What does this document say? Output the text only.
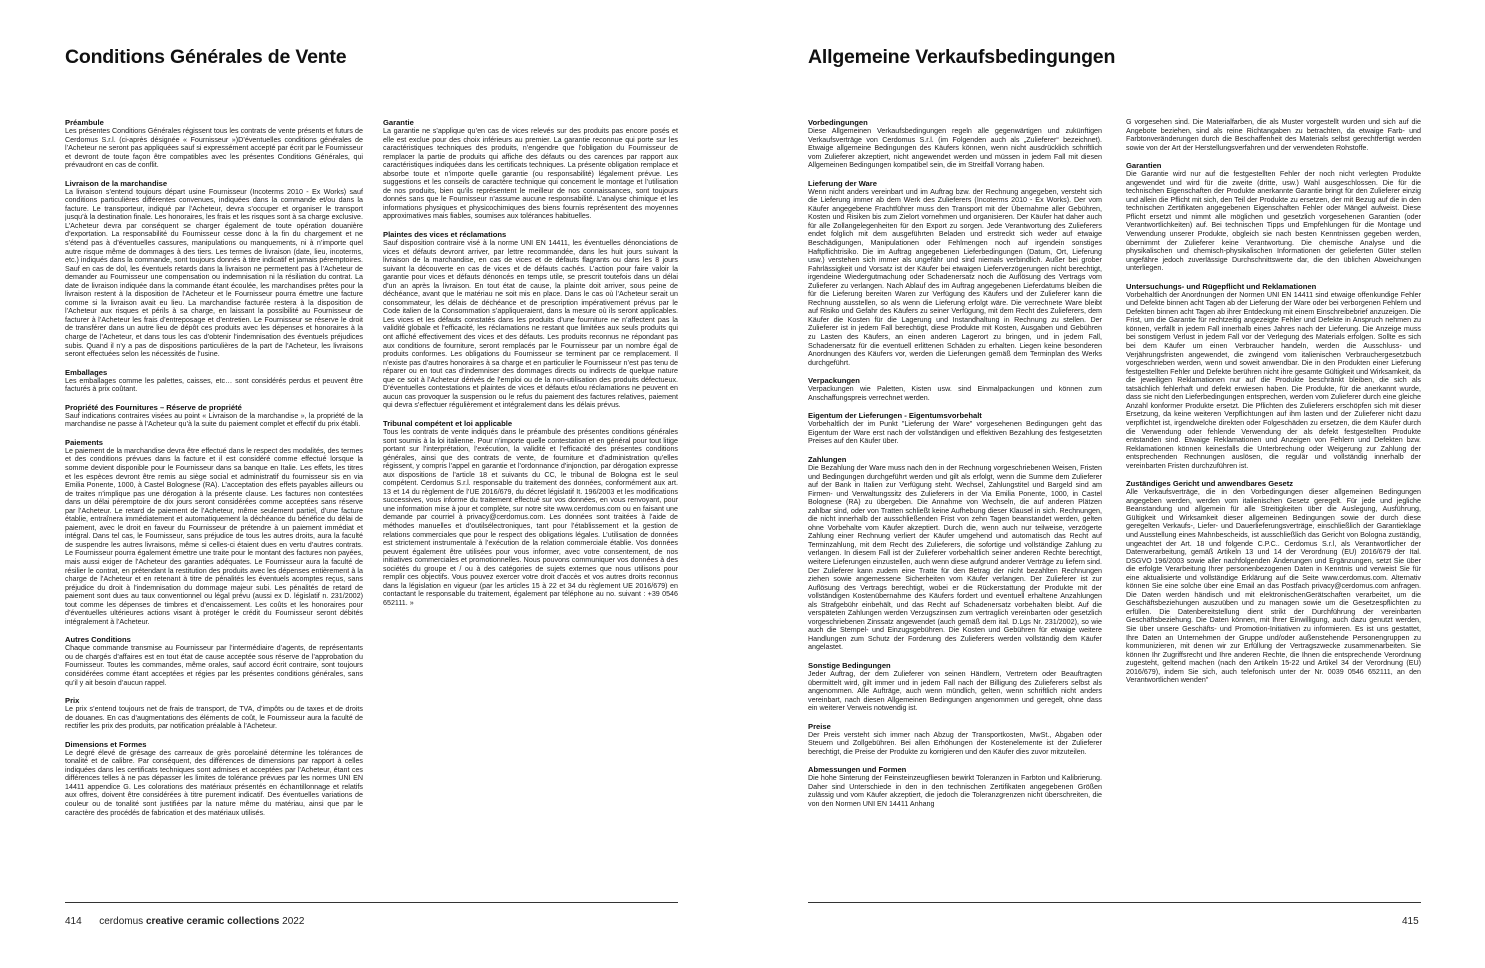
Conditions Générales de Vente	Allgemeine Verkaufsbedingungen
Préambule

Les présentes Conditions Générales régissent tous les contrats de vente présents et futurs de Cerdomus S.r.l. (ci-après désignée « Fournisseur »)D’éventuelles conditions générales de l’Acheteur ne seront pas appliquées sauf si expressément accepté par écrit par le Fournisseur et devront de toute façon être compatibles avec les présentes Conditions Générales, qui prévaudront en cas de conflit.

Livraison de la marchandise

La livraison s’entend toujours départ usine Fournisseur (Incoterms 2010 - Ex Works) sauf conditions particulières différentes convenues, indiquées dans la commande et/ou dans la facture. Le transporteur, indiqué par l’Acheteur, devra s’occuper et organiser le transport jusqu’à la destination finale. Les honoraires, les frais et les risques sont à sa charge exclusive. L’Acheteur devra par conséquent se charger également de toute opération douanière d’exportation. La responsabilité du Fournisseur cesse donc à la fin du chargement et ne s’étend pas à d’éventuelles cassures, manipulations ou manquements, ni à n’importe quel autre risque même de dommages à des tiers. Les termes de livraison (date, lieu, incoterms, etc.) indiqués dans la commande, sont toujours donnés à titre indicatif et jamais péremptoires. Sauf en cas de dol, les éventuels retards dans la livraison ne permettent pas à l’Acheteur de demander au Fournisseur une compensation ou indemnisation ni la résiliation du contrat. La date de livraison indiquée dans la commande étant écoulée, les marchandises prêtes pour la livraison restent à la disposition de l’Acheteur et le Fournisseur pourra émettre une facture comme si la livraison avait eu lieu. La marchandise facturée restera à la disposition de l’Acheteur aux risques et périls à sa charge, en laissant la possibilité au Fournisseur de facturer à l’Acheteur les frais d’entreposage et d’entretien. Le Fournisseur se réserve le droit de transférer dans un autre lieu de dépôt ces produits avec les dépenses et honoraires à la charge de l’Acheteur, et dans tous les cas d’obtenir l’indemnisation des éventuels préjudices subis. Quand il n’y a pas de dispositions particulières de la part de l’Acheteur, les livraisons seront effectuées selon les nécessités de l’usine.

Emballages

Les emballages comme les palettes, caisses, etc… sont considérés perdus et peuvent être facturés à prix coûtant.

Propriété des Fournitures – Réserve de propriété

Sauf indications contraires visées au point « Livraison de la marchandise », la propriété de la marchandise ne passe à l’Acheteur qu’à la suite du paiement complet et effectif du prix établi.

Paiements

Le paiement de la marchandise devra être effectué dans le respect des modalités, des termes et des conditions prévues dans la facture et il est considéré comme effectué lorsque la somme devient disponible pour le Fournisseur dans sa banque en Italie. Les effets, les titres et les espèces devront être remis au siège social et administratif du fournisseur sis en via Emilia Ponente, 1000, à Castel Bolognese (RA). L’acceptation des effets payables ailleurs ou de traites n’implique pas une dérogation à la présente clause. Les factures non contestées dans un délai péremptoire de dix jours seront considérées comme acceptées sans réserve par l’Acheteur. Le retard de paiement de l’Acheteur, même seulement partiel, d’une facture établie, entraînera immédiatement et automatiquement la déchéance du bénéfice du délai de paiement, avec le droit en faveur du Fournisseur de prétendre à un paiement immédiat et intégral. Dans tel cas, le Fournisseur, sans préjudice de tous les autres droits, aura la faculté de suspendre les autres livraisons, même si celles-ci étaient dues en vertu d’autres contrats. Le Fournisseur pourra également émettre une traite pour le montant des factures non payées, mais aussi exiger de l’Acheteur des garanties adéquates. Le Fournisseur aura la faculté de résilier le contrat, en prétendant la restitution des produits avec les dépenses entièrement à la charge de l’Acheteur et en retenant à titre de pénalités les éventuels acomptes reçus, sans préjudice du droit à l’indemnisation du dommage majeur subi. Les pénalités de retard de paiement sont dues au taux conventionnel ou légal prévu (aussi ex D. législatif n. 231/2002) tout comme les dépenses de timbres et d’encaissement. Les coûts et les honoraires pour d’éventuelles ultérieures actions visant à protéger le crédit du Fournisseur seront débités intégralement à l’Acheteur.

Autres Conditions

Chaque commande transmise au Fournisseur par l’intermédiaire d’agents, de représentants ou de chargés d’affaires est en tout état de cause acceptée sous réserve de l’approbation du Fournisseur. Toutes les commandes, même orales, sauf accord écrit contraire, sont toujours considérées comme étant acceptées et régies par les présentes conditions générales, sans qu’il y ait besoin d’aucun rappel.

Prix

Le prix s’entend toujours net de frais de transport, de TVA, d’impôts ou de taxes et de droits de douanes. En cas d’augmentations des éléments de coût, le Fournisseur aura la faculté de rectifier les prix des produits, par notification préalable à l’Acheteur.

Dimensions et Formes

Le degré élevé de grésage des carreaux de grès porcelainé détermine les tolérances de tonalité et de calibre. Par conséquent, des différences de dimensions par rapport à celles indiquées dans les certificats techniques sont admises et acceptées par l’Acheteur, étant ces différences telles à ne pas dépasser les limites de tolérance prévues par les normes UNI EN 14411 appendice G. Les colorations des matériaux présentés en échantillonnage et relatifs aux offres, doivent être considérées à titre purement indicatif. Des éventuelles variations de couleur ou de tonalité sont justifiées par la nature même du matériau, ainsi que par le caractère des procédés de fabrication et des matériaux utilisés.

Garantie

La garantie ne s’applique qu’en cas de vices relevés sur des produits pas encore posés et elle est exclue pour des choix inférieurs au premier. La garantie reconnue qui porte sur les caractéristiques techniques des produits, n’engendre que l’obligation du Fournisseur de remplacer la partie de produits qui affiche des défauts ou des carences par rapport aux caractéristiques indiquées dans les certificats techniques. La présente obligation remplace et absorbe toute et n’importe quelle garantie (ou responsabilité) légalement prévue. Les suggestions et les conseils de caractère technique qui concernent le montage et l’utilisation de nos produits, bien qu’ils représentent le meilleur de nos connaissances, sont toujours donnés sans que le Fournisseur n’assume aucune responsabilité. L’analyse chimique et les informations physiques et physicochimiques des biens fournis représentent des moyennes approximatives mais fiables, soumises aux tolérances habituelles.

Plaintes des vices et réclamations

Sauf disposition contraire visé à la norme UNI EN 14411, les éventuelles dénonciations de vices et défauts devront arriver, par lettre recommandée, dans les huit jours suivant la livraison de la marchandise, en cas de vices et de défauts flagrants ou dans les 8 jours suivant la découverte en cas de vices et de défauts cachés. L’action pour faire valoir la garantie pour vices et défauts dénoncés en temps utile, se prescrit toutefois dans un délai d’un an après la livraison. En tout état de cause, la plainte doit arriver, sous peine de déchéance, avant que le matériau ne soit mis en place. Dans le cas où l’Acheteur serait un consommateur, les délais de déchéance et de prescription impérativement prévus par le Code italien de la Consommation s’appliqueraient, dans la mesure où ils seront applicables. Les vices et les défauts constatés dans les produits d’une fourniture ne n’affectent pas la validité globale et l’efficacité, les réclamations ne restant que limitées aux seuls produits qui ont affiché effectivement des vices et des défauts. Les produits reconnus ne répondant pas aux conditions de fourniture, seront remplacés par le Fournisseur par un nombre égal de produits conformes. Les obligations du Fournisseur se terminent par ce remplacement. Il n’existe pas d’autres honoraires à sa charge et en particulier le Fournisseur n’est pas tenu de réparer ou en tout cas d’indemniser des dommages directs ou indirects de quelque nature que ce soit à l’Acheteur dérivés de l’emploi ou de la non-utilisation des produits défectueux. D’éventuelles contestations et plaintes de vices et défauts et/ou réclamations ne peuvent en aucun cas provoquer la suspension ou le refus du paiement des factures relatives, paiement qui devra s’effectuer régulièrement et intégralement dans les délais prévus.

Tribunal compétent et loi applicable

Tous les contrats de vente indiqués dans le préambule des présentes conditions générales sont soumis à la loi italienne. Pour n’importe quelle contestation et en général pour tout litige portant sur l’interprétation, l’exécution, la validité et l’efficacité des présentes conditions générales, ainsi que des contrats de vente, de fourniture et d’administration qu’elles régissent, y compris l’appel en garantie et l’ordonnance d’injonction, par dérogation expresse aux dispositions de l’article 18 et suivants du CC, le tribunal de Bologna est le seul compétent. Cerdomus S.r.l. responsable du traitement des données, conformément aux art. 13 et 14 du règlement de l’UE 2016/679, du décret législatif It. 196/2003 et les modifications successives, vous informe du traitement effectué sur vos données, en vous renvoyant, pour une information mise à jour et complète, sur notre site www.cerdomus.com ou en faisant une demande par courriel à privacy@cerdomus.com. Les données sont traitées à l’aide de méthodes manuelles et d’outilsélectroniques, tant pour l’établissement et la gestion de relations commerciales que pour le respect des obligations légales. L’utilisation de données est strictement instrumentale à l’exécution de la relation commerciale établie. Vos données peuvent également être utilisées pour vous informer, avec votre consentement, de nos initiatives commerciales et promotionnelles. Nous pouvons communiquer vos données à des sociétés du groupe et / ou à des catégories de sujets externes que nous utilisons pour remplir ces objectifs. Vous pouvez exercer votre droit d’accès et vos autres droits reconnus dans la législation en vigueur (par les articles 15 à 22 et 34 du règlement UE 2016/679) en contactant le responsable du traitement, également par téléphone au no. suivant : +39 0546 652111. »

Vorbedingungen

Diese Allgemeinen Verkaufsbedingungen regeln alle gegenwärtigen und zukünftigen Verkaufsverträge von Cerdomus S.r.l. (im Folgenden auch als „Zulieferer“ bezeichnet). Etwaige allgemeine Bedingungen des Käufers können, wenn nicht ausdrücklich schriftlich vom Zulieferer akzeptiert, nicht angewendet werden und müssen in jedem Fall mit diesen Allgemeinen Bedingungen kompatibel sein, die im Streitfall Vorrang haben.

Lieferung der Ware

Wenn nicht anders vereinbart und im Auftrag bzw. der Rechnung angegeben, versteht sich die Lieferung immer ab dem Werk des Zulieferers (Incoterms 2010 - Ex Works). Der vom Käufer angegebene Frachtführer muss den Transport mit der Übernahme aller Gebühren, Kosten und Risiken bis zum Zielort vornehmen und organisieren. Der Käufer hat daher auch für alle Zollangelegenheiten für den Export zu sorgen. Jede Verantwortung des Zulieferers endet folglich mit dem ausgeführten Beladen und erstreckt sich weder auf etwaige Beschädigungen, Manipulationen oder Fehlmengen noch auf irgendein sonstiges Haftpflichtrisiko. Die im Auftrag angegebenen Lieferbedingungen (Datum, Ort, Lieferung usw.) verstehen sich immer als ungefähr und sind niemals verbindlich. Außer bei grober Fahrlässigkeit und Vorsatz ist der Käufer bei etwaigen Lieferverzögerungen nicht berechtigt, irgendeine Wiedergutmachung oder Schadenersatz noch die Auflösung des Vertrags vom Zulieferer zu verlangen. Nach Ablauf des im Auftrag angegebenen Lieferdatums bleiben die für die Lieferung bereiten Waren zur Verfügung des Käufers und der Zulieferer kann die Rechnung ausstellen, so als wenn die Lieferung erfolgt wäre. Die verrechnete Ware bleibt auf Risiko und Gefahr des Käufers zu seiner Verfügung, mit dem Recht des Zulieferers, dem Käufer die Kosten für die Lagerung und Instandhaltung in Rechnung zu stellen. Der Zulieferer ist in jedem Fall berechtigt, diese Produkte mit Kosten, Ausgaben und Gebühren zu Lasten des Käufers, an einen anderen Lagerort zu bringen, und in jedem Fall, Schadenersatz für die eventuell erlittenen Schäden zu erhalten. Liegen keine besonderen Anordnungen des Käufers vor, werden die Lieferungen gemäß dem Terminplan des Werks durchgeführt.

Verpackungen

Verpackungen wie Paletten, Kisten usw. sind Einmalpackungen und können zum Anschaffungspreis verrechnet werden.

Eigentum der Lieferungen - Eigentumsvorbehalt

Vorbehaltlich der im Punkt "Lieferung der Ware" vorgesehenen Bedingungen geht das Eigentum der Ware erst nach der vollständigen und effektiven Bezahlung des festgesetzten Preises auf den Käufer über.

Zahlungen

Die Bezahlung der Ware muss nach den in der Rechnung vorgeschriebenen Weisen, Fristen und Bedingungen durchgeführt werden und gilt als erfolgt, wenn die Summe dem Zulieferer auf der Bank in Italien zur Verfügung steht. Wechsel, Zahlungstitel und Bargeld sind am Firmen- und Verwaltungssitz des Zulieferers in der Via Emilia Ponente, 1000, in Castel Bolognese (RA) zu übergeben. Die Annahme von Wechseln, die auf anderen Plätzen zahlbar sind, oder von Tratten schließt keine Aufhebung dieser Klausel in sich. Rechnungen, die nicht innerhalb der ausschließenden Frist von zehn Tagen beanstandet werden, gelten ohne Vorbehalte vom Käufer akzeptiert. Durch die, wenn auch nur teilweise, verzögerte Zahlung einer Rechnung verliert der Käufer umgehend und automatisch das Recht auf Terminzahlung, mit dem Recht des Zulieferers, die sofortige und vollständige Zahlung zu verlangen. In diesem Fall ist der Zulieferer vorbehaltlich seiner anderen Rechte berechtigt, weitere Lieferungen einzustellen, auch wenn diese aufgrund anderer Verträge zu liefern sind. Der Zulieferer kann zudem eine Tratte für den Betrag der nicht bezahlten Rechnungen ziehen sowie angemessene Sicherheiten vom Käufer verlangen. Der Zulieferer ist zur Auflösung des Vertrags berechtigt, wobei er die Rückerstattung der Produkte mit der vollständigen Kostenübernahme des Käufers fordert und eventuell erhaltene Anzahlungen als Strafgebühr einbehält, und das Recht auf Schadenersatz vorbehalten bleibt. Auf die verspäteten Zahlungen werden Verzugszinsen zum vertraglich vereinbarten oder gesetzlich vorgeschriebenen Zinssatz angewendet (auch gemäß dem ital. D.Lgs Nr. 231/2002), so wie auch die Stempel- und Einzugsgebühren. Die Kosten und Gebühren für etwaige weitere Handlungen zum Schutz der Forderung des Zulieferers werden vollständig dem Käufer angelastet.

Sonstige Bedingungen

Jeder Auftrag, der dem Zulieferer von seinen Händlern, Vertretern oder Beauftragten übermittelt wird, gilt immer und in jedem Fall nach der Billigung des Zulieferers selbst als angenommen. Alle Aufträge, auch wenn mündlich, gelten, wenn schriftlich nicht anders vereinbart, nach diesen Allgemeinen Bedingungen angenommen und geregelt, ohne dass ein weiterer Verweis notwendig ist.

Preise

Der Preis versteht sich immer nach Abzug der Transportkosten, MwSt., Abgaben oder Steuern und Zollgebühren. Bei allen Erhöhungen der Kostenelemente ist der Zulieferer berechtigt, die Preise der Produkte zu korrigieren und den Käufer dies zuvor mitzuteilen.

Abmessungen und Formen

Die hohe Sinterung der Feinsteinzeugfliesen bewirkt Toleranzen in Farbton und Kalibrierung. Daher sind Unterschiede in den in den technischen Zertifikaten angegebenen Größen zulässig und vom Käufer akzeptiert, die jedoch die Toleranzgrenzen nicht überschreiten, die von den Normen UNI EN 14411 Anhang

G vorgesehen sind. Die Materialfarben, die als Muster vorgestellt wurden und sich auf die Angebote beziehen, sind als reine Richtangaben zu betrachten, da etwaige Farb- und Farbtonveränderungen durch die Beschaffenheit des Materials selbst gerechtfertigt werden sowie von der Art der Herstellungsverfahren und der verwendeten Rohstoffe.

Garantien

Die Garantie wird nur auf die festgestellten Fehler der noch nicht verlegten Produkte angewendet und wird für die zweite (dritte, usw.) Wahl ausgeschlossen. Die für die technischen Eigenschaften der Produkte anerkannte Garantie bringt für den Zulieferer einzig und allein die Pflicht mit sich, den Teil der Produkte zu ersetzen, der mit Bezug auf die in den technischen Zertifikaten angegebenen Eigenschaften Fehler oder Mängel aufweist. Diese Pflicht ersetzt und nimmt alle möglichen und gesetzlich vorgesehenen Garantien (oder Verantwortlichkeiten) auf. Bei technischen Tipps und Empfehlungen für die Montage und Verwendung unserer Produkte, obgleich sie nach besten Kenntnissen gegeben werden, übernimmt der Zulieferer keine Verantwortung. Die chemische Analyse und die physikalischen und chemisch-physikalischen Informationen der gelieferten Güter stellen ungefähre jedoch zuverlässige Durchschnittswerte dar, die den üblichen Abweichungen unterliegen.

Untersuchungs- und Rügepflicht und Reklamationen

Vorbehaltlich der Anordnungen der Normen UNI EN 14411 sind etwaige offenkundige Fehler und Defekte binnen acht Tagen ab der Lieferung der Ware oder bei verborgenen Fehlern und Defekten binnen acht Tagen ab ihrer Entdeckung mit einem Einschreibebrief anzuzeigen. Die Frist, um die Garantie für rechtzeitig angezeigte Fehler und Defekte in Anspruch nehmen zu können, verfällt in jedem Fall innerhalb eines Jahres nach der Lieferung. Die Anzeige muss bei sonstigem Verlust in jedem Fall vor der Verlegung des Materials erfolgen. Sollte es sich bei dem Käufer um einen Verbraucher handeln, werden die Ausschluss- und Verjährungsfristen angewendet, die zwingend vom italienischen Verbrauchergesetzbuch vorgeschrieben werden, wenn und soweit anwendbar. Die in den Produkten einer Lieferung festgestellten Fehler und Defekte berühren nicht ihre gesamte Gültigkeit und Wirksamkeit, da die jeweiligen Reklamationen nur auf die Produkte beschränkt bleiben, die sich als tatsächlich fehlerhaft und defekt erwiesen haben. Die Produkte, für die anerkannt wurde, dass sie nicht den Lieferbedingungen entsprechen, werden vom Zulieferer durch eine gleiche Anzahl konformer Produkte ersetzt. Die Pflichten des Zulieferers erschöpfen sich mit dieser Ersetzung, da keine weiteren Verpflichtungen auf ihm lasten und der Zulieferer nicht dazu verpflichtet ist, irgendwelche direkten oder Folgeschäden zu ersetzen, die dem Käufer durch die Verwendung oder fehlende Verwendung der als defekt festgestellten Produkte entstanden sind. Etwaige Reklamationen und Anzeigen von Fehlern und Defekten bzw. Reklamationen können keinesfalls die Unterbrechung oder Weigerung zur Zahlung der entsprechenden Rechnungen auslösen, die regulär und vollständig innerhalb der vereinbarten Fristen durchzuführen ist.

Zuständiges Gericht und anwendbares Gesetz

Alle Verkaufsverträge, die in den Vorbedingungen dieser allgemeinen Bedingungen angegeben werden, werden vom italienischen Gesetz geregelt. Für jede und jegliche Beanstandung und allgemein für alle Streitigkeiten über die Auslegung, Ausführung, Gültigkeit und Wirksamkeit dieser allgemeinen Bedingungen sowie der durch diese geregelten Verkaufs-, Liefer- und Dauerlieferungsverträge, einschließlich der Garantieklage und Ausstellung eines Mahnbescheids, ist ausschließlich das Gericht von Bologna zuständig, ungeachtet der Art. 18 und folgende C.P.C.. Cerdomus S.r.l, als Verantwortlicher der Datenverarbeitung, gemäß Artikeln 13 und 14 der Verordnung (EU) 2016/679 der Ital. DSGVO 196/2003 sowie aller nachfolgenden Änderungen und Ergänzungen, setzt Sie über die erfolgte Verarbeitung Ihrer personenbezogenen Daten in Kenntnis und verweist Sie für eine aktualisierte und vollständige Erklärung auf die Seite www.cerdomus.com. Alternativ können Sie eine solche über eine Email an das Postfach privacy@cerdomus.com anfragen. Die Daten werden händisch und mit elektronischenGerätschaften verarbeitet, um die Geschäftsbeziehungen auszuüben und zu managen sowie um die Gesetzespflichten zu erfüllen. Die Datenbereitstellung dient strikt der Durchführung der vereinbarten Geschäftsbeziehung. Die Daten können, mit Ihrer Einwilligung, auch dazu genutzt werden, Sie über unsere Geschäfts- und Promotion-Initiativen zu informieren. Es ist uns gestattet, Ihre Daten an Unternehmen der Gruppe und/oder außenstehende Personengruppen zu kommunizieren, mit denen wir zur Erfüllung der Vertragszwecke zusammenarbeiten. Sie können Ihr Zugriffsrecht und Ihre anderen Rechte, die Ihnen die entsprechende Verordnung zugesteht, geltend machen (nach den Artikeln 15-22 und Artikel 34 der Verordnung (EU) 2016/679), indem Sie sich, auch telefonisch unter der Nr. 0039 0546 652111, an den Verantwortlichen wenden"

414 cerdomus creative ceramic collections 2022	415
